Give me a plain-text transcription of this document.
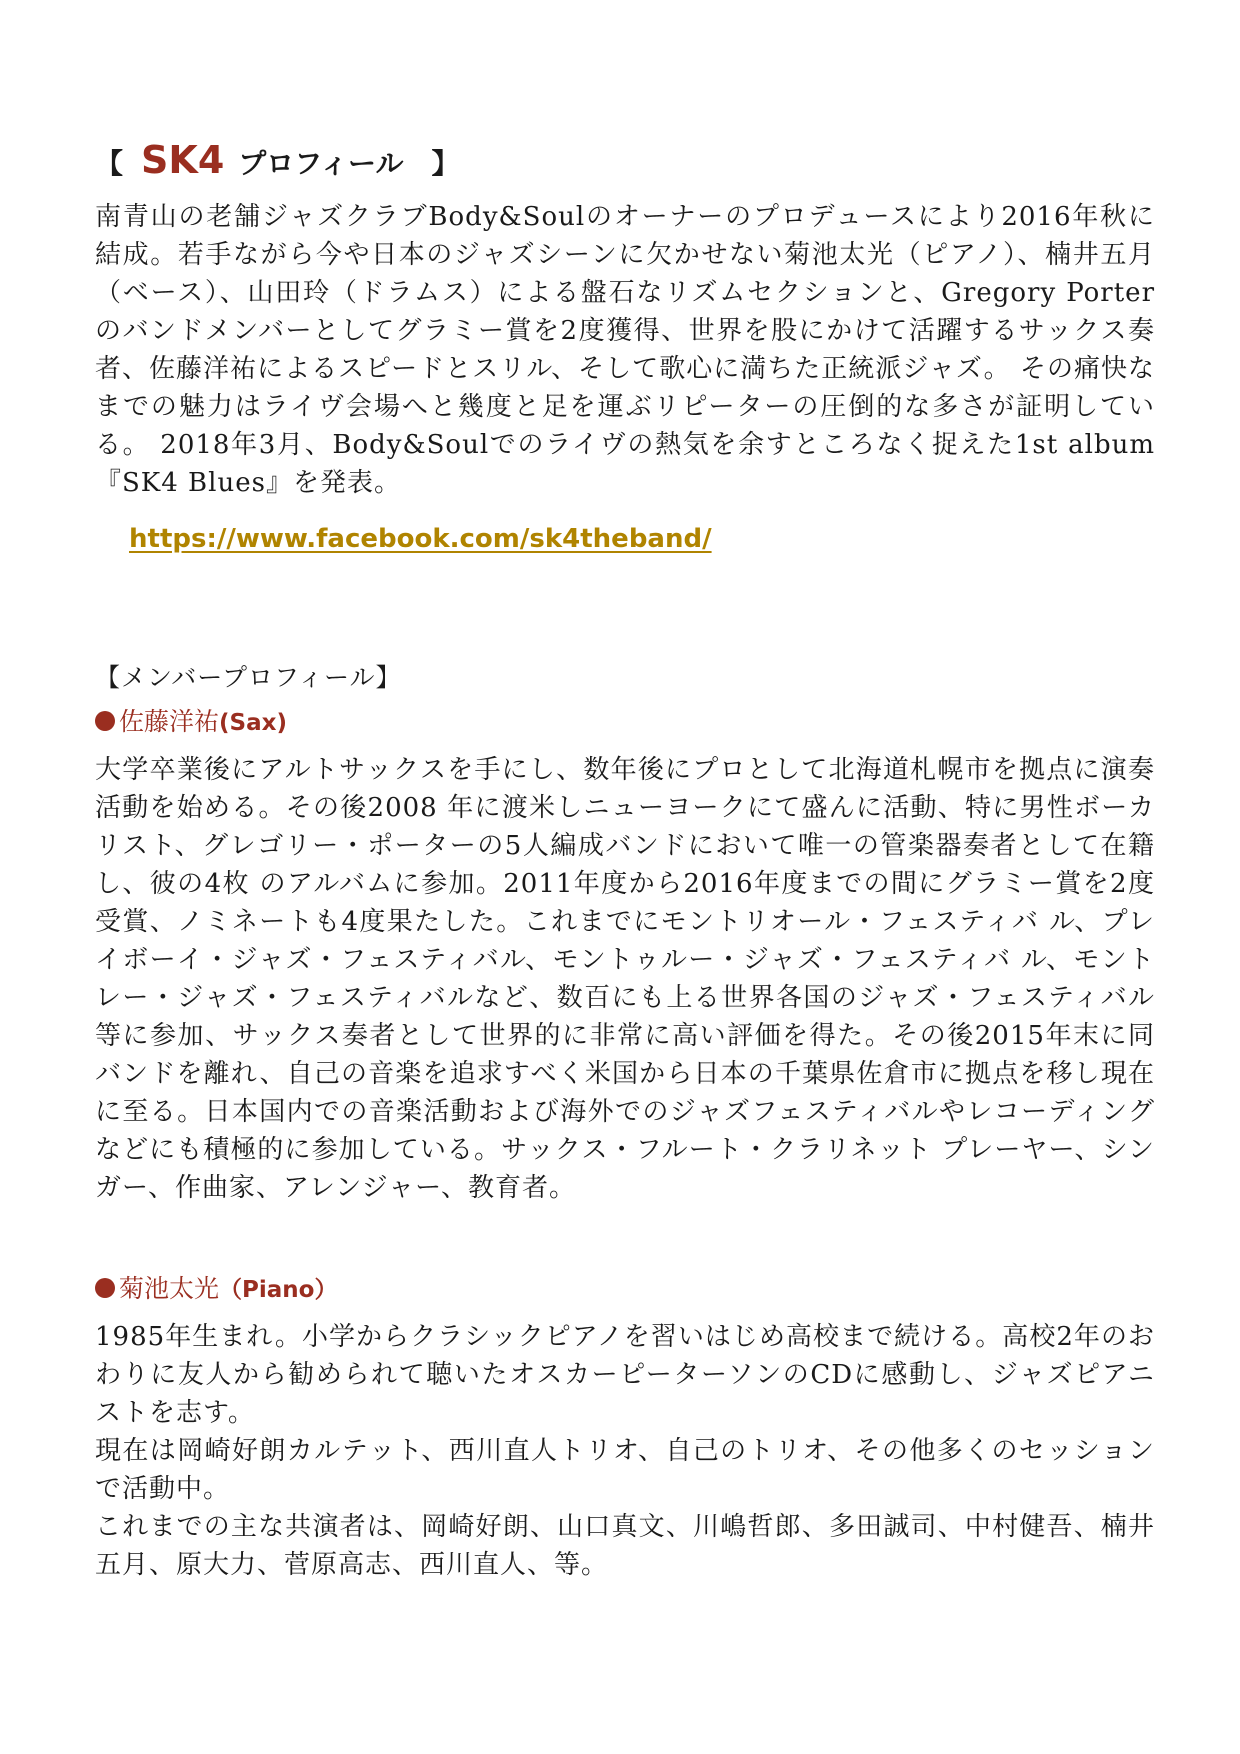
【 SK4 プロフィール 】
南青山の老舗ジャズクラブBody&Soulのオーナーのプロデュースにより2016年秋に結成。若手ながら今や日本のジャズシーンに欠かせない菊池太光（ピアノ）、楠井五月（ベース）、山田玲（ドラムス）による盤石なリズムセクションと、Gregory Porterのバンドメンバーとしてグラミー賞を2度獲得、世界を股にかけて活躍するサックス奏者、佐藤洋祐によるスピードとスリル、そして歌心に満ちた正統派ジャズ。 その痛快なまでの魅力はライヴ会場へと幾度と足を運ぶリピーターの圧倒的な多さが証明している。 2018年3月、Body&Soulでのライヴの熱気を余すところなく捉えた1st album『SK4 Blues』を発表。
https://www.facebook.com/sk4theband/
【メンバープロフィール】
佐藤洋祐(Sax)

大学卒業後にアルトサックスを手にし、数年後にプロとして北海道札幌市を拠点に演奏活動を始める。その後2008 年に渡米しニューヨークにて盛んに活動、特に男性ボーカリスト、グレゴリー・ポーターの5人編成バンドにおいて唯一の管楽器奏者として在籍し、彼の4枚 のアルバムに参加。2011年度から2016年度までの間にグラミー賞を2度受賞、ノミネートも4度果たした。これまでにモントリオール・フェスティバ ル、プレイボーイ・ジャズ・フェスティバル、モントゥルー・ジャズ・フェスティバ ル、モントレー・ジャズ・フェスティバルなど、数百にも上る世界各国のジャズ・フェスティバル等に参加、サックス奏者として世界的に非常に高い評価を得た。その後2015年末に同バンドを離れ、自己の音楽を追求すべく米国から日本の千葉県佐倉市に拠点を移し現在に至る。日本国内での音楽活動および海外でのジャズフェスティバルやレコーディングなどにも積極的に参加している。サックス・フルート・クラリネット プレーヤー、シンガー、作曲家、アレンジャー、教育者。

菊池太光（Piano）

1985年生まれ。小学からクラシックピアノを習いはじめ高校まで続ける。高校2年のおわりに友人から勧められて聴いたオスカーピーターソンのCDに感動し、ジャズピアニストを志す。

現在は岡崎好朗カルテット、西川直人トリオ、自己のトリオ、その他多くのセッションで活動中。

これまでの主な共演者は、岡崎好朗、山口真文、川嶋哲郎、多田誠司、中村健吾、楠井五月、原大力、菅原高志、西川直人、等。
